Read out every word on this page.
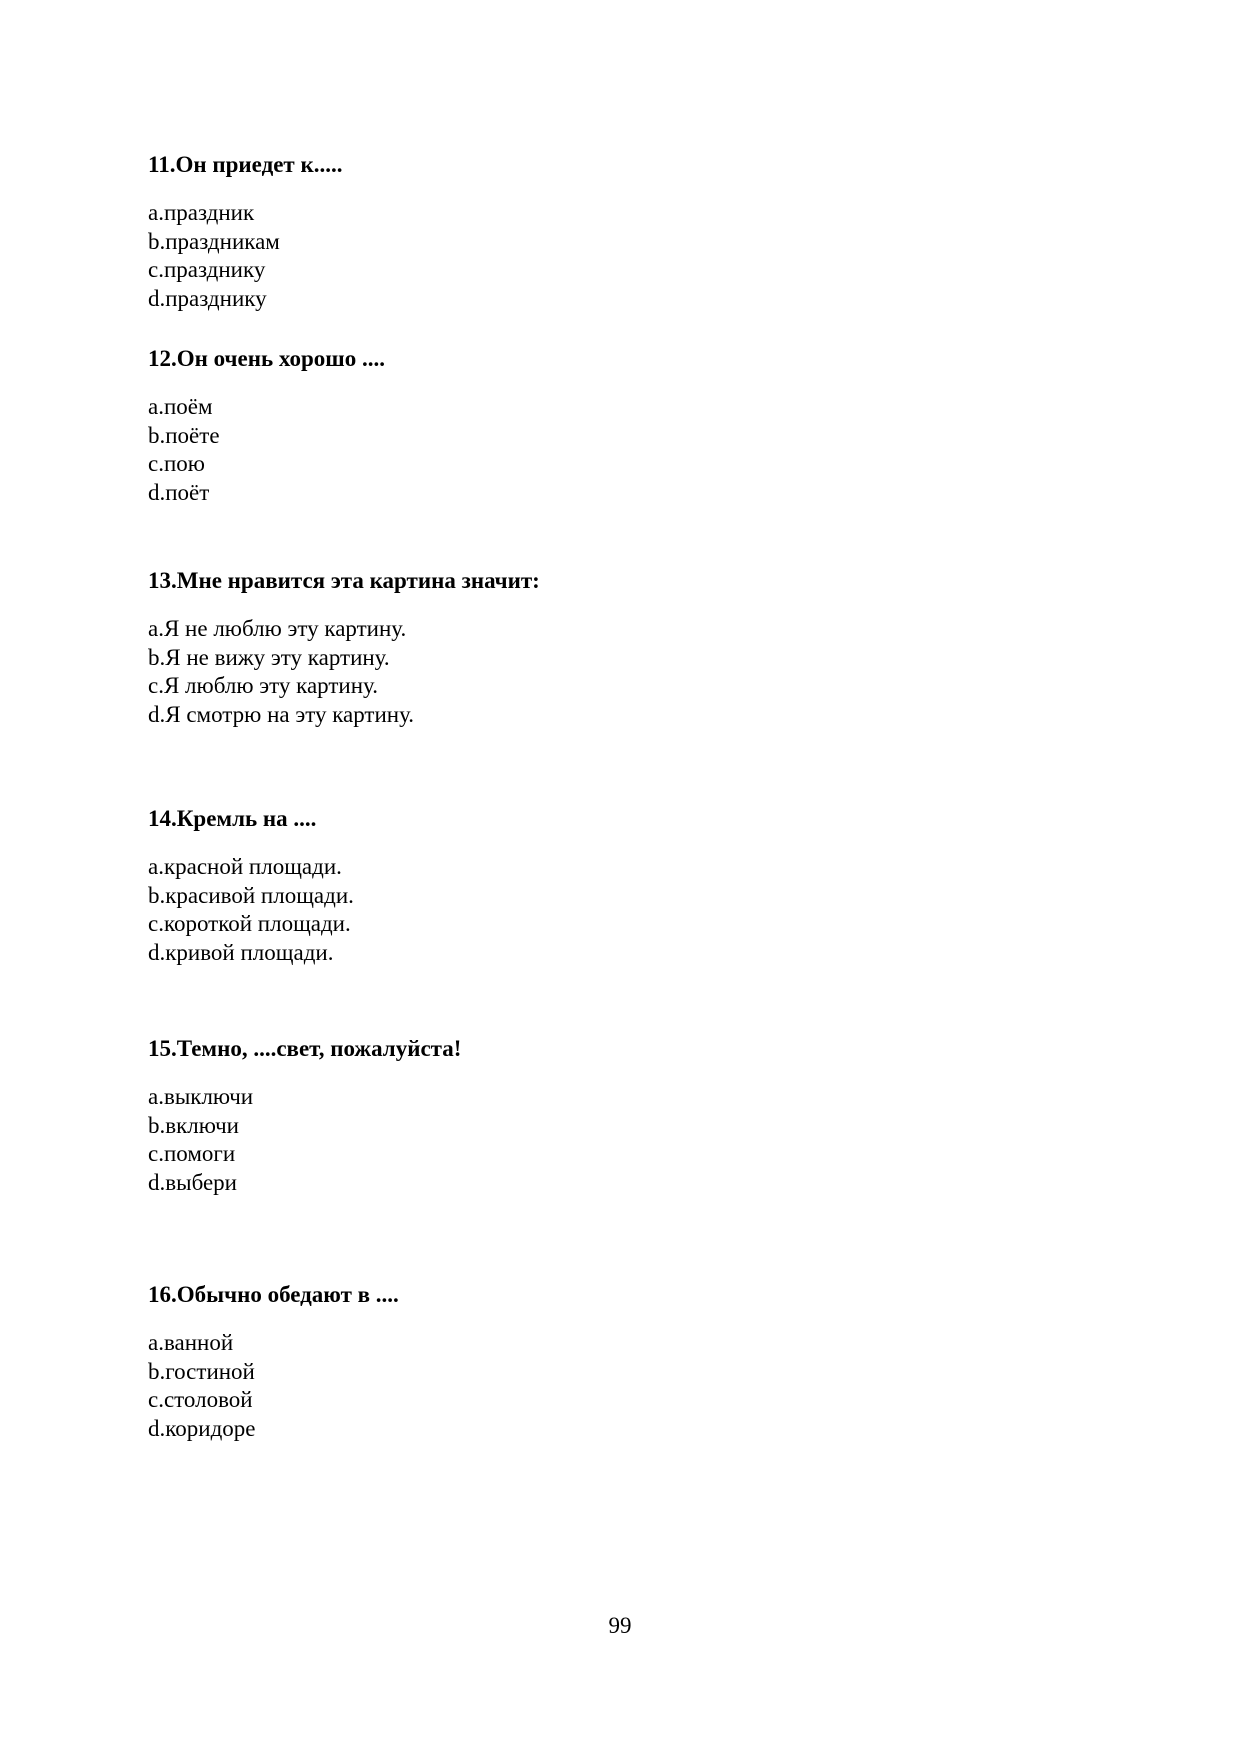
11.Он приедет к.....
a.праздник
b.праздникам
c.празднику
d.празднику
12.Он очень хорошо ....
a.поём
b.поёте
c.пою
d.поёт
13.Мне нравится эта картина значит:
a.Я не люблю эту картину.
b.Я не вижу эту картину.
c.Я люблю эту картину.
d.Я смотрю на эту картину.
14.Кремль на ....
a.красной площади.
b.красивой площади.
c.короткой площади.
d.кривой площади.
15.Темно, ....свет, пожалуйста!
a.выключи
b.включи
c.помоги
d.выбери
16.Обычно обедают в ....
a.ванной
b.гостиной
c.столовой
d.коридоре
99
